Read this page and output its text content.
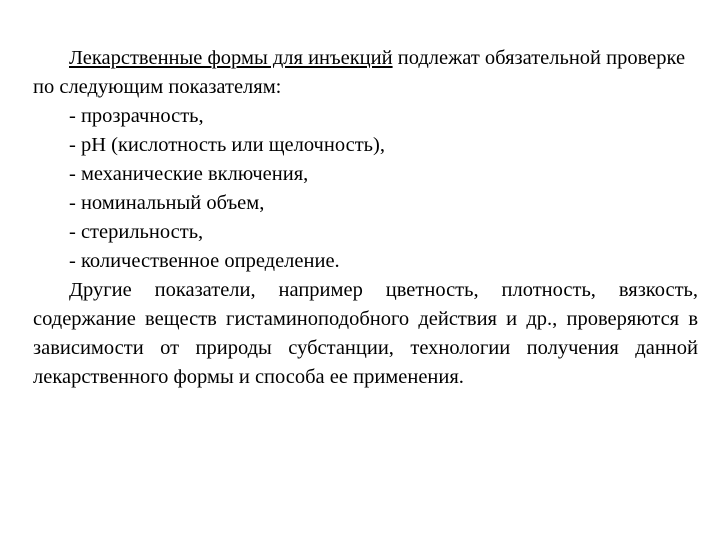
Лекарственные формы для инъекций подлежат обязательной проверке по следующим показателям:

- прозрачность,
- pH (кислотность или щелочность),
- механические включения,
- номинальный объем,
- стерильность,
- количественное определение.

Другие показатели, например цветность, плотность, вязкость, содержание веществ гистаминоподобного действия и др., проверяются в зависимости от природы субстанции, технологии получения данной лекарственного формы и способа ее применения.
